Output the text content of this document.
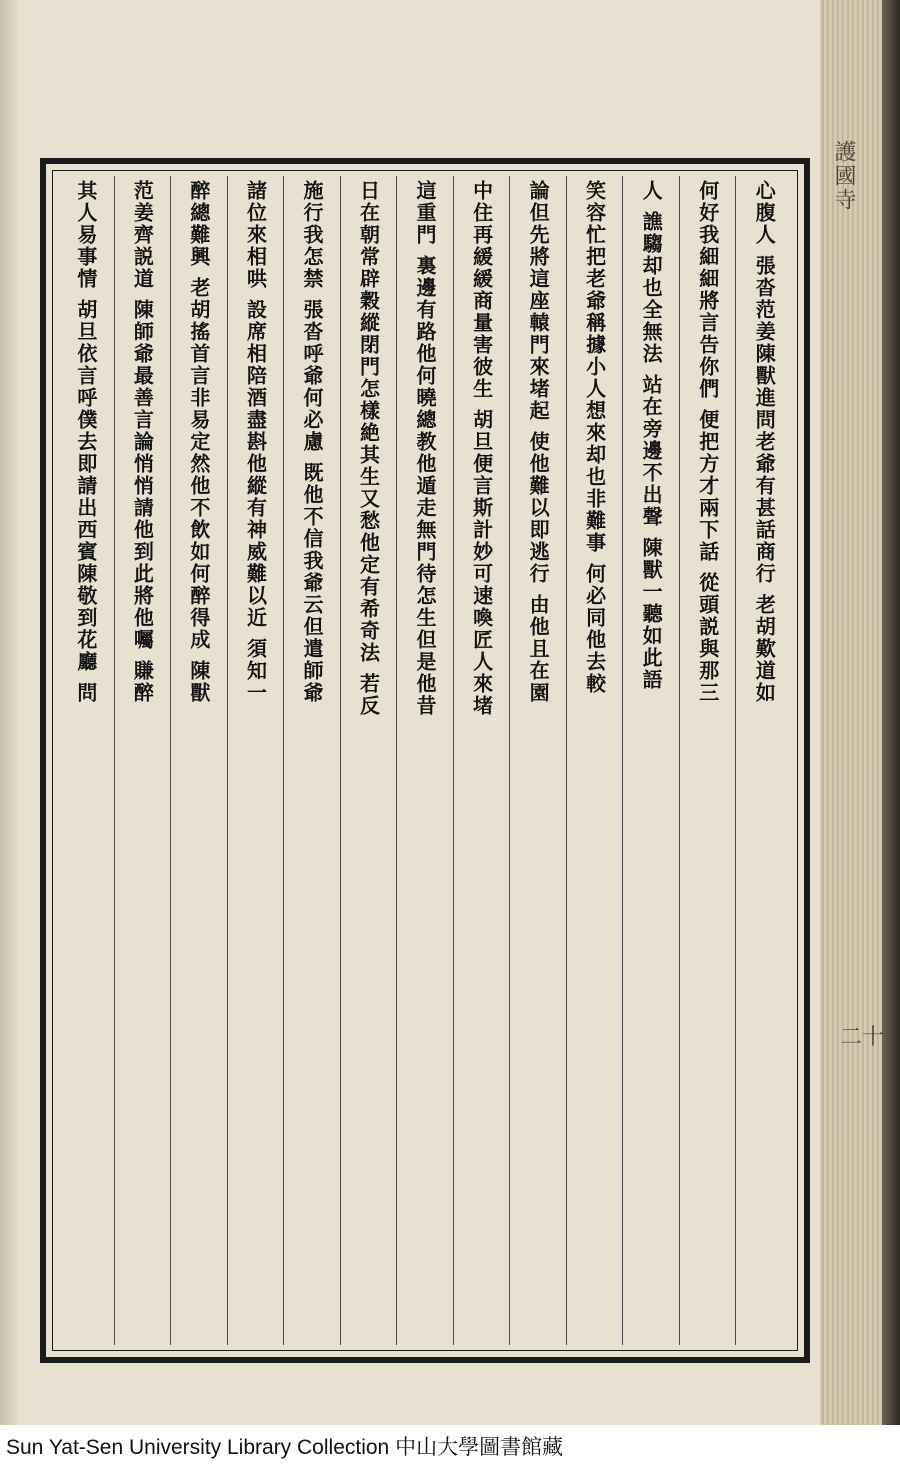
護國寺
二十
心腹人 張沓范姜陳獸進問老爺有甚話商行 老胡歎道如
何好我細細將言告你們 便把方才兩下話 從頭説與那三
人 譙騶却也全無法 站在旁邊不出聲 陳獸一聽如此語
笑容忙把老爺稱據小人想來却也非難事 何必同他去較
論但先將這座轅門來堵起 使他難以即逃行 由他且在園
中住再緩緩商量害彼生 胡旦便言斯計妙可速喚匠人來堵
這重門 裏邊有路他何曉總教他遁走無門待怎生但是他昔
日在朝常辟穀縱閉門怎樣絶其生又愁他定有希奇法 若反
施行我怎禁 張沓呼爺何必慮 既他不信我爺云但遣師爺
諸位來相哄 設席相陪酒盡斟他縱有神威難以近 須知一
醉總難興 老胡搖首言非易定然他不飲如何醉得成 陳獸
范姜齊説道 陳師爺最善言論悄悄請他到此將他囑 賺醉
其人易事情 胡旦依言呼僕去即請出西賓陳敬到花廳 問
Sun Yat-Sen University Library Collection 中山大學圖書館藏
